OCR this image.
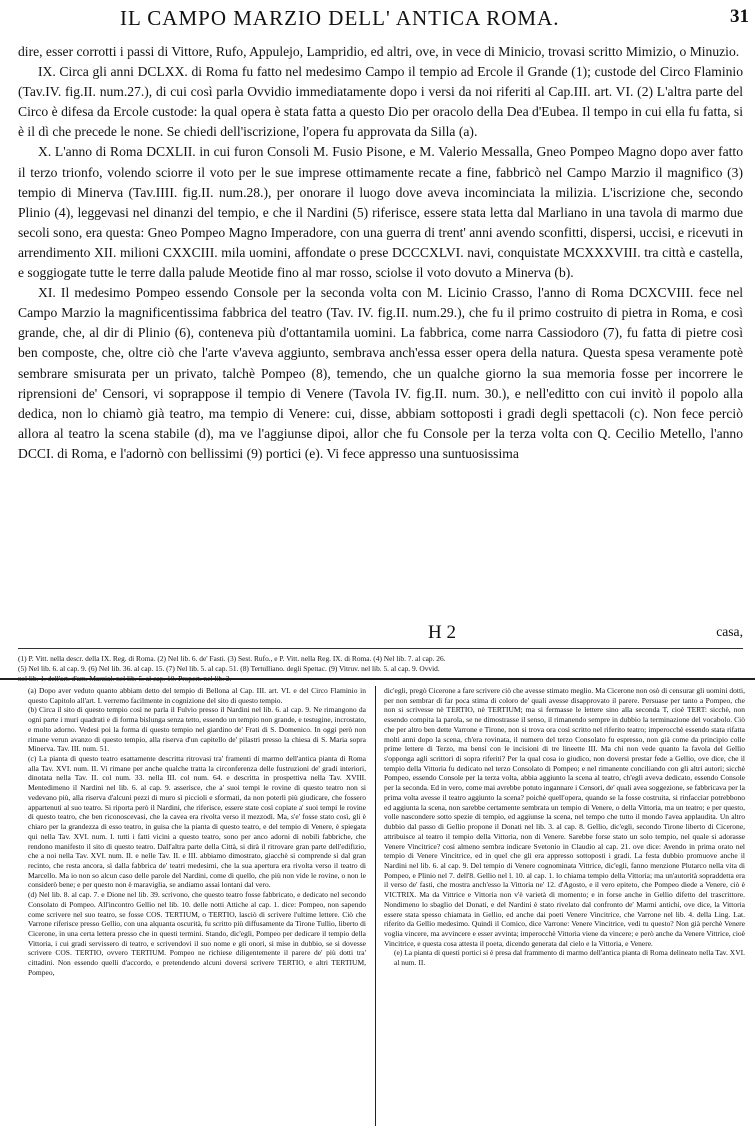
IL CAMPO MARZIO DELL' ANTICA ROMA.	31

dire, esser corrotti i passi di Vittore, Rufo, Appulejo, Lampridio, ed altri, ove, in vece di Minicio, trovasi scritto Mimizio, o Minuzio.

IX. Circa gli anni DCLXX. di Roma fu fatto nel medesimo Campo il tempio ad Ercole il Grande (1); custode del Circo Flaminio (Tav.IV. fig.II. num.27.), di cui così parla Ovvidio immediatamente dopo i versi da noi riferiti al Cap.III. art. VI. (2) L'altra parte del Circo è difesa da Ercole custode: la qual opera è stata fatta a questo Dio per oracolo della Dea d'Eubea. Il tempo in cui ella fu fatta, si è il dì che precede le none. Se chiedi dell'iscrizione, l'opera fu approvata da Silla (a).

X. L'anno di Roma DCXLII. in cui furon Consoli M. Fusio Pisone, e M. Valerio Messalla, Gneo Pompeo Magno dopo aver fatto il terzo trionfo, volendo sciorre il voto per le sue imprese ottimamente recate a fine, fabbricò nel Campo Marzio il magnifico (3) tempio di Minerva (Tav.IIII. fig.II. num.28.), per onorare il luogo dove aveva incominciata la milizia. L'iscrizione che, secondo Plinio (4), leggevasi nel dinanzi del tempio, e che il Nardini (5) riferisce, essere stata letta dal Marliano in una tavola di marmo due secoli sono, era questa: Gneo Pompeo Magno Imperadore, con una guerra di trent' anni avendo sconfitti, dispersi, uccisi, e ricevuti in arrendimento XII. milioni CXXCIII. mila uomini, affondate o prese DCCCXLVI. navi, conquistate MCXXXVIII. tra città e castella, e soggiogate tutte le terre dalla palude Meotide fino al mar rosso, sciolse il voto dovuto a Minerva (b).

XI. Il medesimo Pompeo essendo Console per la seconda volta con M. Licinio Crasso, l'anno di Roma DCXCVIII. fece nel Campo Marzio la magnificentissima fabbrica del teatro (Tav. IV. fig.II. num.29.), che fu il primo costruito di pietra in Roma, e così grande, che, al dir di Plinio (6), conteneva più d'ottantamila uomini. La fabbrica, come narra Cassiodoro (7), fu fatta di pietre così ben composte, che, oltre ciò che l'arte v'aveva aggiunto, sembrava anch'essa esser opera della natura. Questa spesa veramente potè sembrare smisurata per un privato, talchè Pompeo (8), temendo, che un qualche giorno la sua memoria fosse per incorrere le riprensioni de' Censori, vi soprappose il tempio di Venere (Tavola IV. fig.II. num. 30.), e nell'editto con cui invitò il popolo alla dedica, non lo chiamò già teatro, ma tempio di Venere: cui, disse, abbiam sottoposti i gradi degli spettacoli (c). Non fece perciò allora al teatro la scena stabile (d), ma ve l'aggiunse dipoi, allor che fu Console per la terza volta con Q. Cecilio Metello, l'anno DCCI. di Roma, e l'adornò con bellissimi (9) portici (e). Vi fece appresso una suntuosissima

H 2	casa,
(1) P. Vitt. nella descr. della IX. Reg. di Roma. (2) Nel lib. 6. de' Fasti. (3) Sest. Rufo., e P. Vitt. nella Reg. IX. di Roma. (4) Nel lib. 7. al cap. 26.
(5) Nel lib. 6. al cap. 9. (6) Nel lib. 36. al cap. 15. (7) Nel lib. 5. al cap. 51. (8) Tertulliano. degli Spettac. (9) Vitruv. nel lib. 5. al cap. 9. Ovvid.
nel lib. 1. dell'art. d'am. Marzial. nel lib. 5. al cap. 10. Propert. nel lib. 2.

(a) Dopo aver veduto quanto abbiam detto del tempio di Bellona al Cap. III. art. VI. e del Circo Flaminio in questo Capitolo all'art. I. verremo facilmente in cognizione del sito di questo tempio.

(b) Circa il sito di questo tempio così ne parla il Fulvio presso il Nardini nel lib. 6. al cap. 9. Ne rimangono da ogni parte i muri quadrati e di forma bislunga senza tetto, essendo un tempio non grande, e testugine, incrostato, e molto adorno. Vedesi poi la forma di questo tempio nel giardino de' Frati di S. Domenico. In oggi però non rimane verun avanzo di questo tempio, alla riserva d'un capitello de' pilastri presso la chiesa di S. Maria sopra Minerva. Tav. III. num. 51.

(c) La pianta di questo teatro esattamente descritta ritrovasi tra' framenti di marmo dell'antica pianta di Roma alla Tav. XVI. num. II. Vi rimane per anche qualche tratta la circonferenza delle fustruzioni de' gradi interiori, dinotata nella Tav. II. col num. 33. nella III. col num. 64. e descritta in prospettiva nella Tav. XVIII. Mentedimeno il Nardini nel lib. 6. al cap. 9. asserisce, che a' suoi tempi le rovine di questo teatro non si vedevano più, alla riserva d'alcuni pezzi di muro sì piccioli e sformati, da non poterli più giudicare, che fossero appartenuti al suo teatro. Si riporta però il Nardini, che riferisce, essere state così copiate a' suoi tempi le rovine di questo teatro, che ben riconoscevasi, che la cavea era rivolta verso il mezzodì. Ma, s'e' fosse stato così, gli è chiaro per la grandezza di esso teatro, in guisa che la pianta di questo teatro, e del tempio di Venere, è spiegata qui nella Tav. XVI. num. I. tutti i fatti vicini a questo teatro, sono per anco adorni di nobili fabbriche, che rendono manifesto il sito di questo teatro. Dall'altra parte della Città, si dirà il ritrovare gran parte dell'edifizio, che a noi nella Tav. XVI. num. II. e nelle Tav. II. e III. abbiamo dimostrato, giacchè si comprende sì dal gran recinto, che resta ancora, sì dalla fabbrica de' teatri medesimi, che la sua apertura era rivolta verso il teatro di Marcello. Ma io non so alcun caso delle parole del Nardini, come di quello, che più non vide le rovine, o non le considerò bene; e per questo non è maraviglia, se andiamo assai lontani dal vero.

(d) Nel lib. 8. al cap. 7. e Dione nel lib. 39. scrivono, che questo teatro fosse fabbricato, e dedicato nel secondo Consolato di Pompeo. All'incontro Gellio nel lib. 10. delle notti Attiche al cap. 1. dice: Pompeo, non sapendo come scrivere nel suo teatro, se fosse COS. TERTIUM, o TERTIO, lasciò di scrivere l'ultime lettere. Ciò che Varrone riferisce presso Gellio, con una alquanta oscurità, fu scritto più diffusamente da Tirone Tullio, liberto di Cicerone, in una certa lettera presso che in questi termini. Stando, dic'egli, Pompeo per dedicare il tempio della Vittoria, i cui gradi servissero di teatro, e scrivendovi il suo nome e gli onori, si mise in dubbio, se si dovesse scrivere COS. TERTIO, ovvero TERTIUM. Pompeo ne richiese diligentemente il parere de' più dotti tra' cittadini. Non essendo quelli d'accordo, e pretendendo alcuni doversi scrivere TERTIO, e altri TERTIUM, Pompeo,

dic'egli, pregò Cicerone a fare scrivere ciò che avesse stimato meglio. Ma Cicerone non osò di censurar gli uomini dotti, per non sembrar di far poca stima di coloro de' quali avesse disapprovato il parere. Persuase per tanto a Pompeo, che non si scrivesse nè TERTIO, nè TERTIUM; ma si fermasse le lettere sino alla seconda T, cioè TERT: sicchè, non essendo compita la parola, se ne dimostrasse il senso, il rimanendo sempre in dubbio la terminazione del vocabolo. Ciò che per altro ben dette Varrone e Tirone, non si trova ora così scritto nel riferito teatro; imperocchè essendo stata rifatta molti anni dopo la scena, ch'era rovinata, il numero del terzo Consolato fu espresso, non già come da principio colle prime lettere di Terzo, ma bensì con le incisioni di tre lineette III. Ma chi non vede quanto la favola del Gellio s'opponga agli scrittori di sopra riferiti? Per la qual cosa io giudico, non doversi prestar fede a Gellio, ove dice, che il tempio della Vittoria fu dedicato nel terzo Consolato di Pompeo; e nel rimanente conciliando con gli altri autori; sicchè Pompeo, essendo Console per la terza volta, abbia aggiunto la scena al teatro, ch'egli aveva dedicato, essendo Console per la seconda. Ed in vero, come mai avrebbe potuto ingannare i Censori, de' quali avea soggezione, se fabbricava per la prima volta avesse il teatro aggiunto la scena? poichè quell'opera, quando se la fosse costruita, si rinfacciar potrebbono ed aggiunta la scena, non sarebbe certamente sembrata un tempio di Venere, o della Vittoria, ma un teatro; e per questo, volle nascondere sotto spezie di tempio, ed aggiunse la scena, nel tempo che tutto il mondo l'avea applaudita. Un altro dubbio dal passo di Gellio propone il Donati nel lib. 3. al cap. 8. Gellio, dic'egli, secondo Tirone liberto di Cicerone, attribuisce al teatro il tempio della Vittoria, non di Venere. Sarebbe forse stato un solo tempio, nel quale si adorasse Venere Vincitrice? così almeno sembra indicare Svetonio in Claudio al cap. 21. ove dice: Avendo in prima orato nel tempio di Venere Vincitrice, ed in quel che gli era appresso sottoposti i gradi. La festa dubbio promuove anche il Nardini nel lib. 6. al cap. 9. Del tempio di Venere cognominata Vittrice, dic'egli, fanno menzione Plutarco nella vita di Pompeo, e Plinio nel 7. dell'8. Gellio nel l. 10. al cap. 1. lo chiama tempio della Vittoria; ma un'autorità sopraddetta era il verso de' fasti, che mostra anch'esso la Vittoria ne' 12. d'Agosto, e il vero epiteto, che Pompeo diede a Venere, ciò è VICTRIX. Ma da Vittrice e Vittoria non v'è varietà di momento; e in forse anche in Gellio difetto del trascrittore. Nondimeno lo sbaglio del Donati, e del Nardini è stato rivelato dal confronto de' Marmi antichi, ove dice, la Vittoria essere stata spesso chiamata in Gellio, ed anche dai poeti Venere Vincitrice, che Varrone nel lib. 4. della Ling. Lat. riferito da Gellio medesimo. Quindi il Comico, dice Varrone: Venere Vincitrice, vedi tu questo? Non già perchè Venere voglia vincere, ma avvincere e esser avvinta; imperocchè Vittoria viene da vincere; e però anche da Venere Vittrice, cioè Vincitrice, e questa cosa attesta il poeta, dicendo generata dal cielo e la Vittoria, e Venere.

(e) La pianta di questi portici si è presa dal frammento di marmo dell'antica pianta di Roma delineato nella Tav. XVI. al num. II.
